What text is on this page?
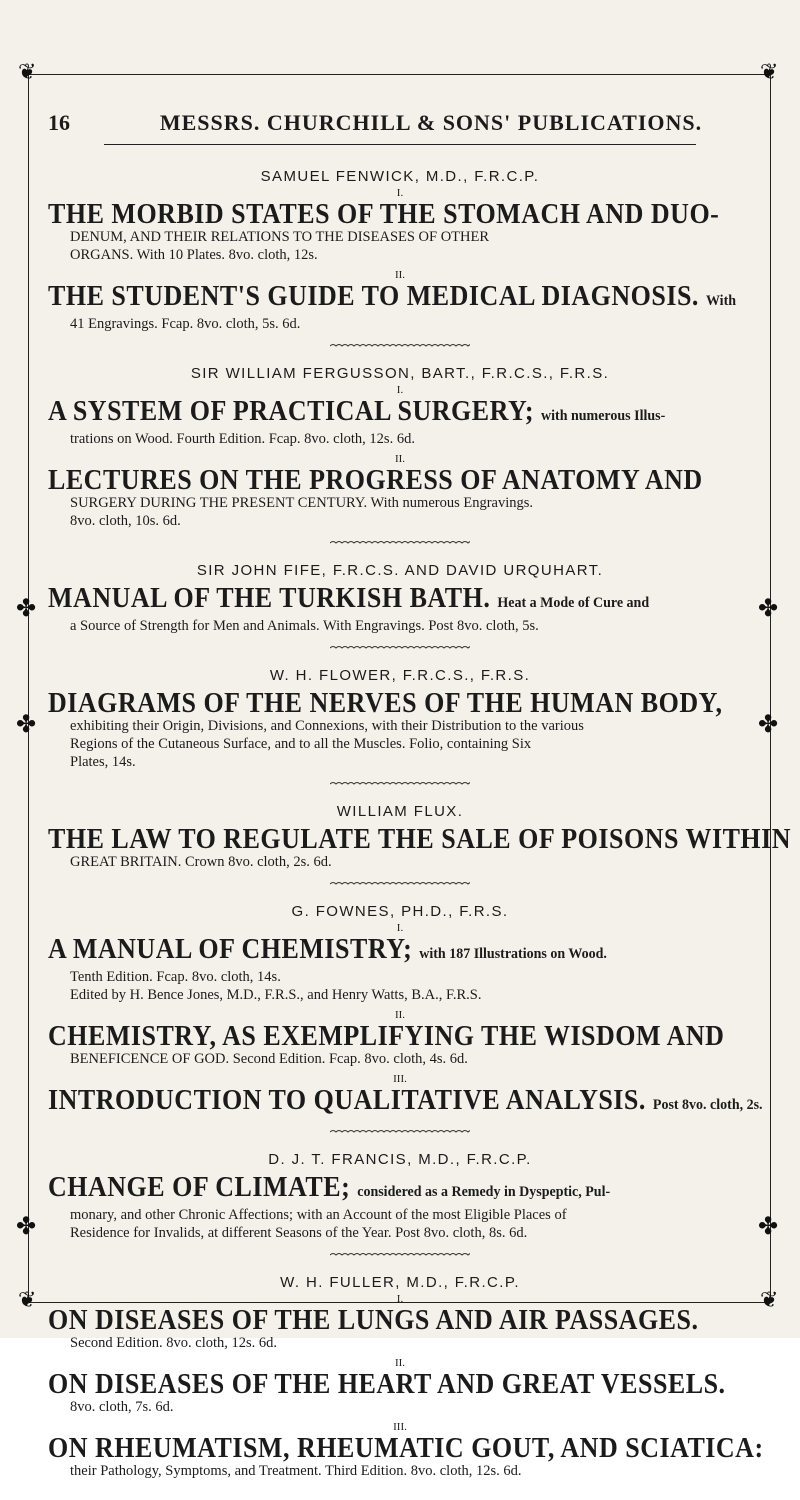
❦	❦
❦	❦
✤	✤
✤	✤
✤	✤
16	MESSRS. CHURCHILL & SONS' PUBLICATIONS.

SAMUEL FENWICK, M.D., F.R.C.P.

I.

THE MORBID STATES OF THE STOMACH AND DUO-

DENUM, AND THEIR RELATIONS TO THE DISEASES OF OTHER

ORGANS. With 10 Plates. 8vo. cloth, 12s.

II.

THE STUDENT'S GUIDE TO MEDICAL DIAGNOSIS. With

41 Engravings. Fcap. 8vo. cloth, 5s. 6d.

SIR WILLIAM FERGUSSON, BART., F.R.C.S., F.R.S.

I.

A SYSTEM OF PRACTICAL SURGERY; with numerous Illus-

trations on Wood. Fourth Edition. Fcap. 8vo. cloth, 12s. 6d.

II.

LECTURES ON THE PROGRESS OF ANATOMY AND

SURGERY DURING THE PRESENT CENTURY. With numerous Engravings.

8vo. cloth, 10s. 6d.

SIR JOHN FIFE, F.R.C.S. AND DAVID URQUHART.

MANUAL OF THE TURKISH BATH. Heat a Mode of Cure and

a Source of Strength for Men and Animals. With Engravings. Post 8vo. cloth, 5s.

W. H. FLOWER, F.R.C.S., F.R.S.

DIAGRAMS OF THE NERVES OF THE HUMAN BODY,

exhibiting their Origin, Divisions, and Connexions, with their Distribution to the various

Regions of the Cutaneous Surface, and to all the Muscles. Folio, containing Six

Plates, 14s.

WILLIAM FLUX.

THE LAW TO REGULATE THE SALE OF POISONS WITHIN

GREAT BRITAIN. Crown 8vo. cloth, 2s. 6d.

G. FOWNES, PH.D., F.R.S.

I.

A MANUAL OF CHEMISTRY; with 187 Illustrations on Wood.

Tenth Edition. Fcap. 8vo. cloth, 14s.

Edited by H. Bence Jones, M.D., F.R.S., and Henry Watts, B.A., F.R.S.

II.

CHEMISTRY, AS EXEMPLIFYING THE WISDOM AND

BENEFICENCE OF GOD. Second Edition. Fcap. 8vo. cloth, 4s. 6d.

III.

INTRODUCTION TO QUALITATIVE ANALYSIS. Post 8vo. cloth, 2s.

D. J. T. FRANCIS, M.D., F.R.C.P.

CHANGE OF CLIMATE; considered as a Remedy in Dyspeptic, Pul-

monary, and other Chronic Affections; with an Account of the most Eligible Places of

Residence for Invalids, at different Seasons of the Year. Post 8vo. cloth, 8s. 6d.

W. H. FULLER, M.D., F.R.C.P.

I.

ON DISEASES OF THE LUNGS AND AIR PASSAGES.

Second Edition. 8vo. cloth, 12s. 6d.

II.

ON DISEASES OF THE HEART AND GREAT VESSELS.

8vo. cloth, 7s. 6d.

III.

ON RHEUMATISM, RHEUMATIC GOUT, AND SCIATICA:

their Pathology, Symptoms, and Treatment. Third Edition. 8vo. cloth, 12s. 6d.
